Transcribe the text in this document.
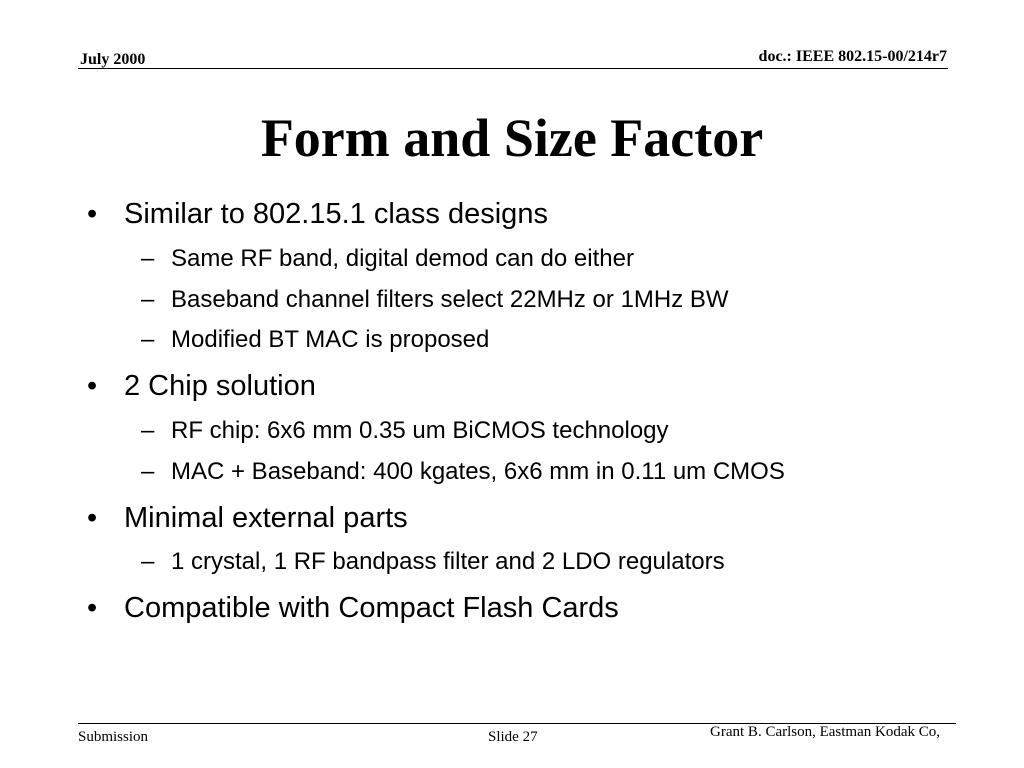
July 2000	doc.: IEEE 802.15-00/214r7
Form and Size Factor
• Similar to 802.15.1 class designs
– Same RF band, digital demod can do either
– Baseband channel filters select 22MHz or 1MHz BW
– Modified BT MAC is proposed
• 2 Chip solution
– RF chip: 6x6 mm 0.35 um BiCMOS technology
– MAC + Baseband: 400 kgates, 6x6 mm in 0.11 um CMOS
• Minimal external parts
– 1 crystal, 1 RF bandpass filter and 2 LDO regulators
• Compatible with Compact Flash Cards
Submission	Slide 27	Grant B. Carlson, Eastman Kodak Co,
